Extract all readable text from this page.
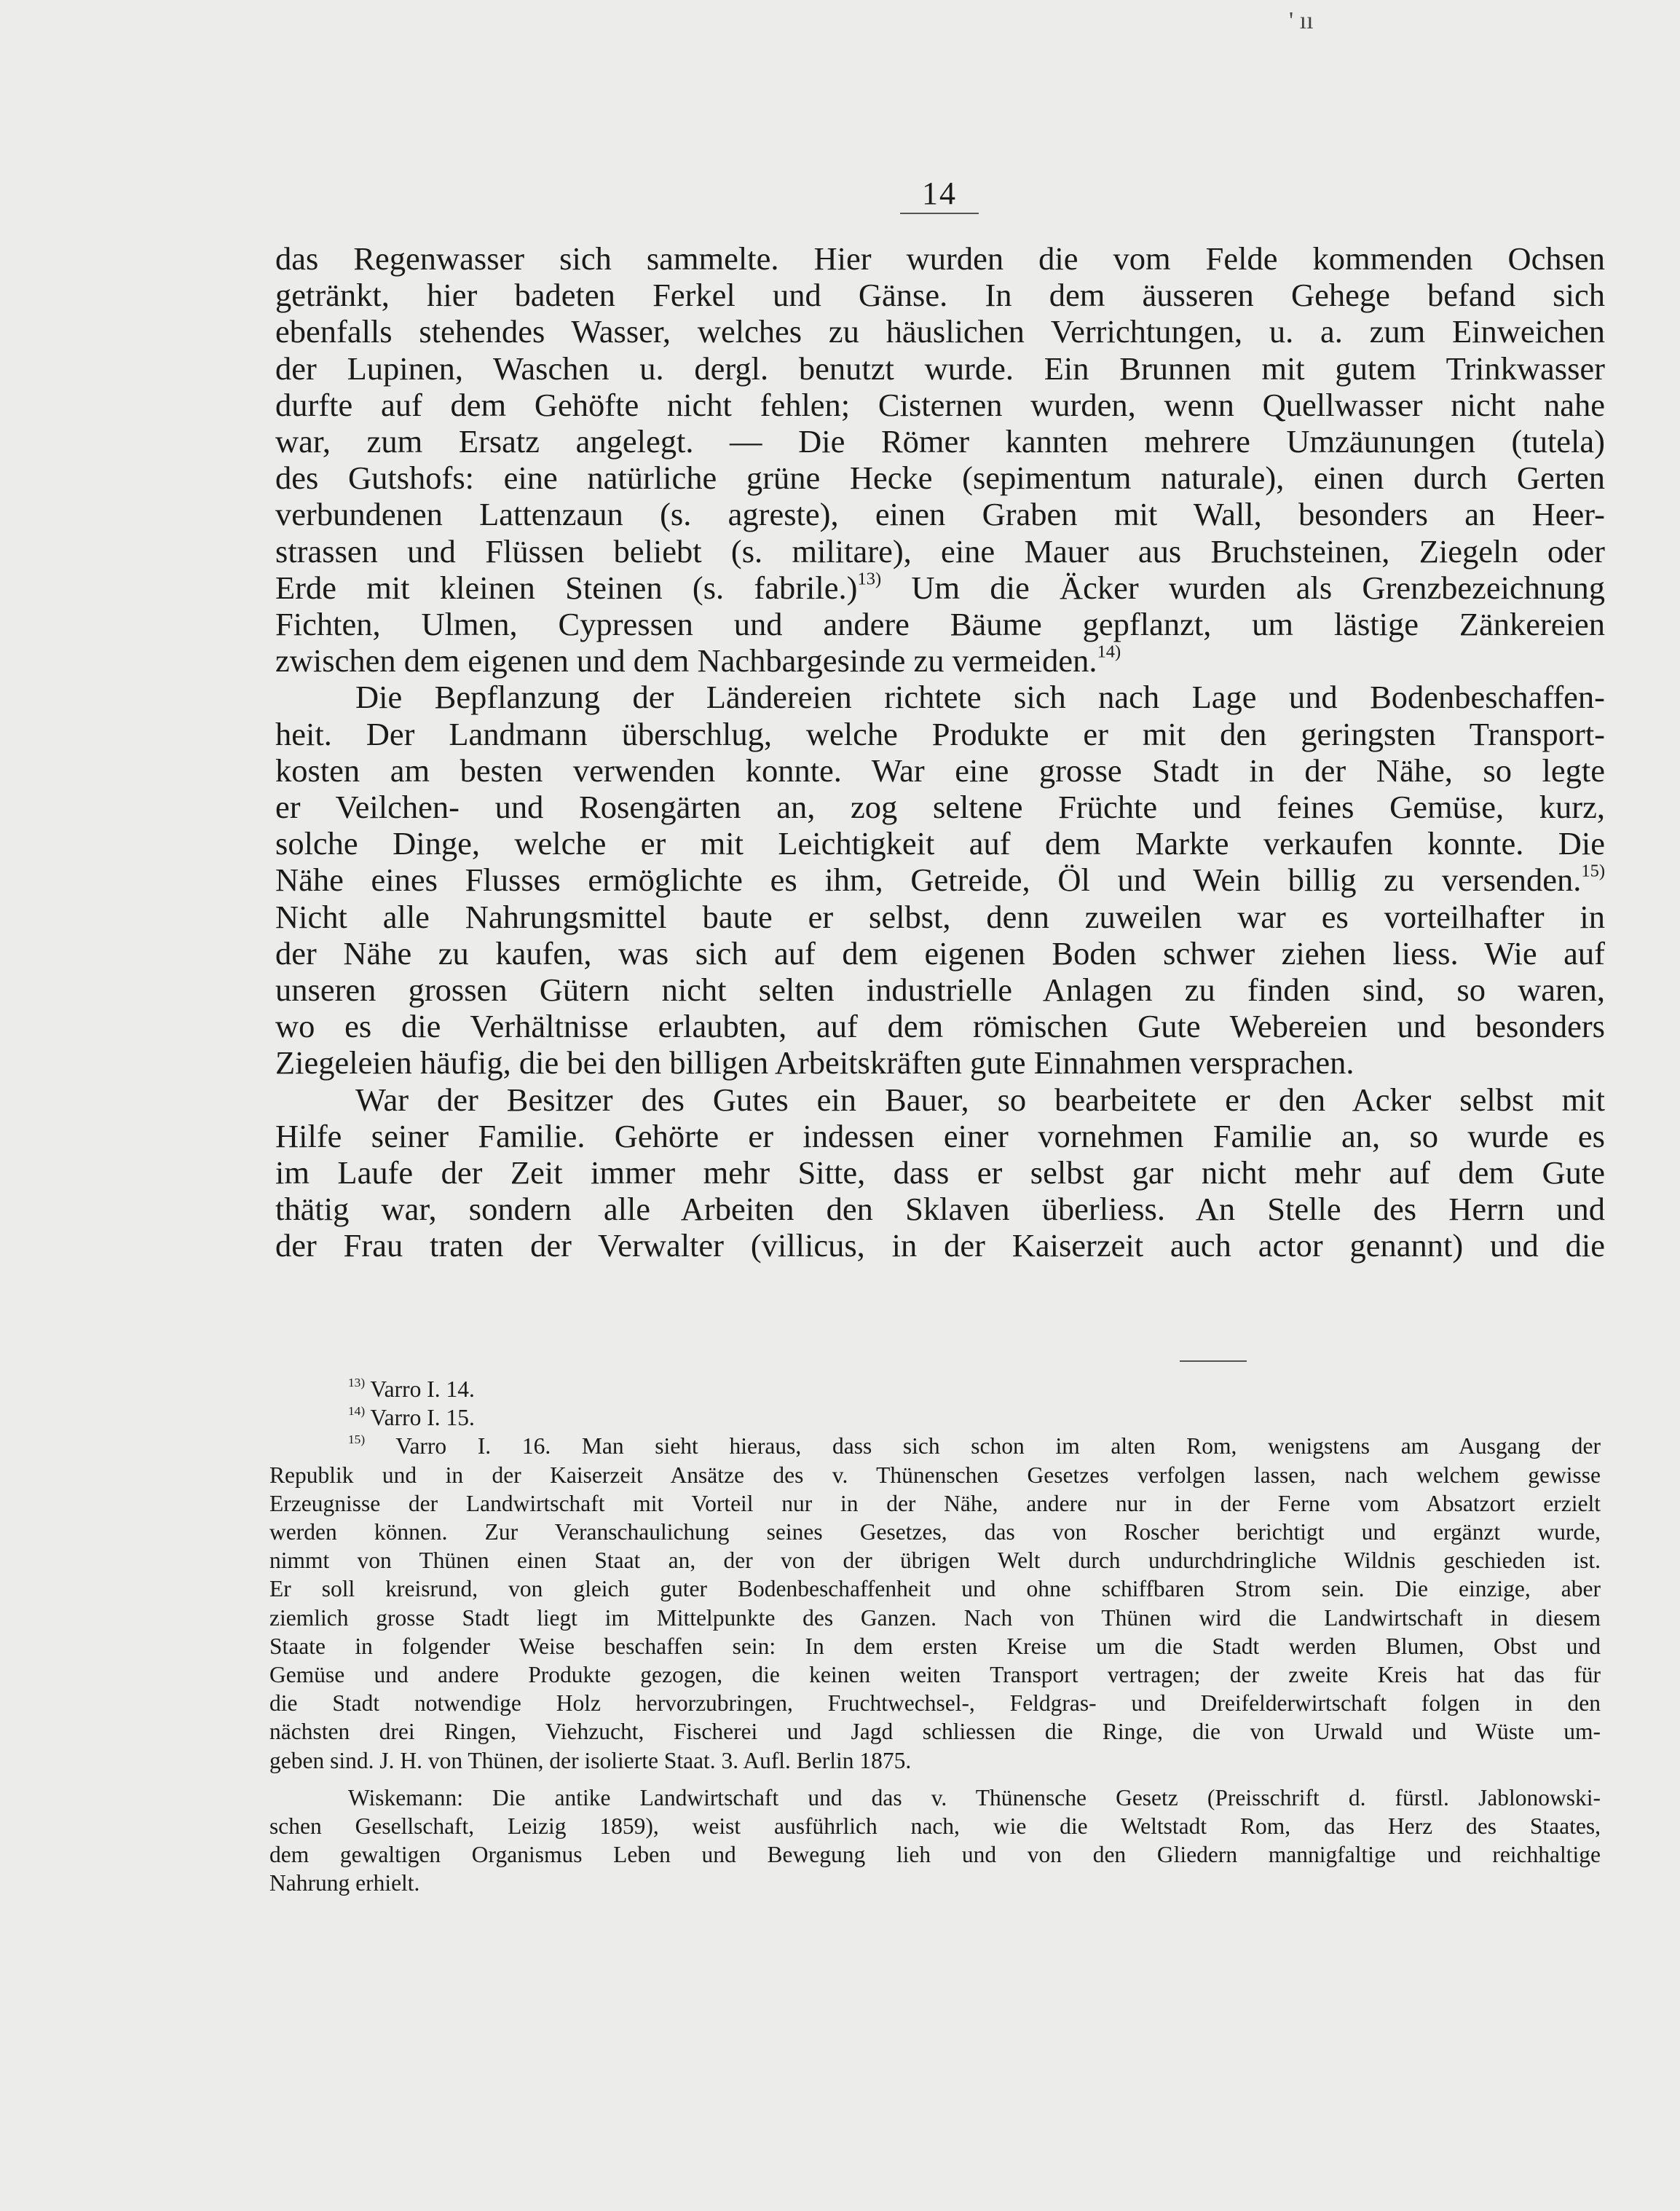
' ıı
14

das Regenwasser sich sammelte. Hier wurden die vom Felde kommenden Ochsen
getränkt, hier badeten Ferkel und Gänse. In dem äusseren Gehege befand sich
ebenfalls stehendes Wasser, welches zu häuslichen Verrichtungen, u. a. zum Einweichen
der Lupinen, Waschen u. dergl. benutzt wurde. Ein Brunnen mit gutem Trinkwasser
durfte auf dem Gehöfte nicht fehlen; Cisternen wurden, wenn Quellwasser nicht nahe
war, zum Ersatz angelegt. — Die Römer kannten mehrere Umzäunungen (tutela)
des Gutshofs: eine natürliche grüne Hecke (sepimentum naturale), einen durch Gerten
verbundenen Lattenzaun (s. agreste), einen Graben mit Wall, besonders an Heer-
strassen und Flüssen beliebt (s. militare), eine Mauer aus Bruchsteinen, Ziegeln oder
Erde mit kleinen Steinen (s. fabrile.)$^{13)}$ Um die Äcker wurden als Grenzbezeichnung
Fichten, Ulmen, Cypressen und andere Bäume gepflanzt, um lästige Zänkereien
zwischen dem eigenen und dem Nachbargesinde zu vermeiden.$^{14)}$

Die Bepflanzung der Ländereien richtete sich nach Lage und Bodenbeschaffen-
heit. Der Landmann überschlug, welche Produkte er mit den geringsten Transport-
kosten am besten verwenden konnte. War eine grosse Stadt in der Nähe, so legte
er Veilchen- und Rosengärten an, zog seltene Früchte und feines Gemüse, kurz,
solche Dinge, welche er mit Leichtigkeit auf dem Markte verkaufen konnte. Die
Nähe eines Flusses ermöglichte es ihm, Getreide, Öl und Wein billig zu versenden.$^{15)}$
Nicht alle Nahrungsmittel baute er selbst, denn zuweilen war es vorteilhafter in
der Nähe zu kaufen, was sich auf dem eigenen Boden schwer ziehen liess. Wie auf
unseren grossen Gütern nicht selten industrielle Anlagen zu finden sind, so waren,
wo es die Verhältnisse erlaubten, auf dem römischen Gute Webereien und besonders
Ziegeleien häufig, die bei den billigen Arbeitskräften gute Einnahmen versprachen.

War der Besitzer des Gutes ein Bauer, so bearbeitete er den Acker selbst mit
Hilfe seiner Familie. Gehörte er indessen einer vornehmen Familie an, so wurde es
im Laufe der Zeit immer mehr Sitte, dass er selbst gar nicht mehr auf dem Gute
thätig war, sondern alle Arbeiten den Sklaven überliess. An Stelle des Herrn und
der Frau traten der Verwalter (villicus, in der Kaiserzeit auch actor genannt) und die

$^{13)}$ Varro I. 14.
$^{14)}$ Varro I. 15.
$^{15)}$ Varro I. 16. Man sieht hieraus, dass sich schon im alten Rom, wenigstens am Ausgang der
Republik und in der Kaiserzeit Ansätze des v. Thünenschen Gesetzes verfolgen lassen, nach welchem gewisse
Erzeugnisse der Landwirtschaft mit Vorteil nur in der Nähe, andere nur in der Ferne vom Absatzort erzielt
werden können. Zur Veranschaulichung seines Gesetzes, das von Roscher berichtigt und ergänzt wurde,
nimmt von Thünen einen Staat an, der von der übrigen Welt durch undurchdringliche Wildnis geschieden ist.
Er soll kreisrund, von gleich guter Bodenbeschaffenheit und ohne schiffbaren Strom sein. Die einzige, aber
ziemlich grosse Stadt liegt im Mittelpunkte des Ganzen. Nach von Thünen wird die Landwirtschaft in diesem
Staate in folgender Weise beschaffen sein: In dem ersten Kreise um die Stadt werden Blumen, Obst und
Gemüse und andere Produkte gezogen, die keinen weiten Transport vertragen; der zweite Kreis hat das für
die Stadt notwendige Holz hervorzubringen, Fruchtwechsel-, Feldgras- und Dreifelderwirtschaft folgen in den
nächsten drei Ringen, Viehzucht, Fischerei und Jagd schliessen die Ringe, die von Urwald und Wüste um-
geben sind. J. H. von Thünen, der isolierte Staat. 3. Aufl. Berlin 1875.
Wiskemann: Die antike Landwirtschaft und das v. Thünensche Gesetz (Preisschrift d. fürstl. Jablonowski-
schen Gesellschaft, Leizig 1859), weist ausführlich nach, wie die Weltstadt Rom, das Herz des Staates,
dem gewaltigen Organismus Leben und Bewegung lieh und von den Gliedern mannigfaltige und reichhaltige
Nahrung erhielt.
